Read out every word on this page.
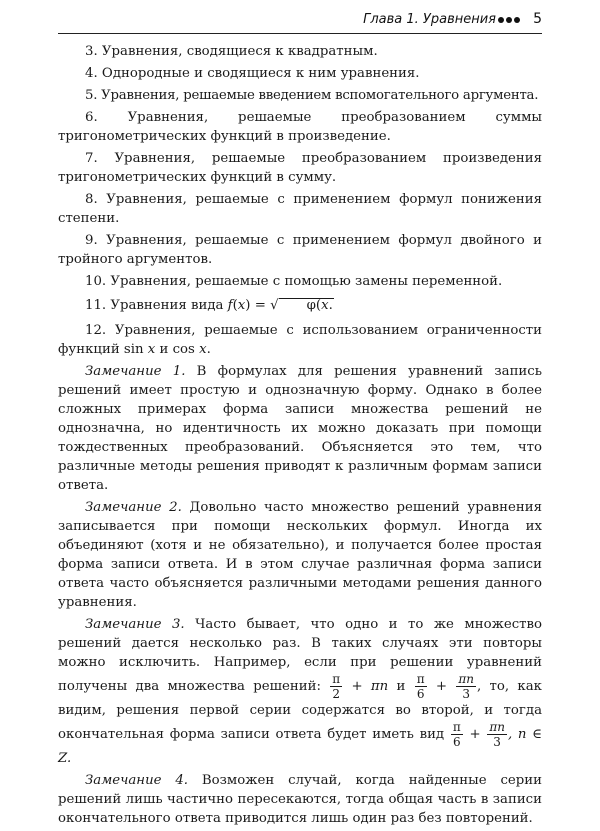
Глава 1. Уравнения	5

3. Уравнения, сводящиеся к квадратным.

4. Однородные и сводящиеся к ним уравнения.

5. Уравнения, решаемые введением вспомогательного аргумента.

6. Уравнения, решаемые преобразованием суммы тригонометрических функций в произведение.

7. Уравнения, решаемые преобразованием произведения тригонометрических функций в сумму.

8. Уравнения, решаемые с применением формул понижения степени.

9. Уравнения, решаемые с применением формул двойного и тройного аргументов.

10. Уравнения, решаемые с помощью замены переменной.

11. Уравнения вида f(x) = √ φ(x.

12. Уравнения, решаемые с использованием ограниченности функций sin x и cos x.

Замечание 1. В формулах для решения уравнений запись решений имеет простую и однозначную форму. Однако в более сложных примерах форма записи множества решений не однозначна, но идентичность их можно доказать при помощи тождественных преобразований. Объясняется это тем, что различные методы решения приводят к различным формам записи ответа.

Замечание 2. Довольно часто множество решений уравнения записывается при помощи нескольких формул. Иногда их объединяют (хотя и не обязательно), и получается более простая форма записи ответа. И в этом случае различная форма записи ответа часто объясняется различными методами решения данного уравнения.

Замечание 3. Часто бывает, что одно и то же множество решений дается несколько раз. В таких случаях эти повторы можно исключить. Например, если при решении уравнений получены два множества решений: $\frac{\pi}{2} + \pi n$ и $\frac{\pi}{6} + \frac{\pi n}{3}$ , то, как видим, решения первой серии содержатся во второй, и тогда окончательная форма записи ответа будет иметь вид $\frac{\pi}{6} + \frac{\pi n}{3}$ , n ∈ Z.

Замечание 4. Возможен случай, когда найденные серии решений лишь частично пересекаются, тогда общая часть в записи окончательного ответа приводится лишь один раз без повторений.
